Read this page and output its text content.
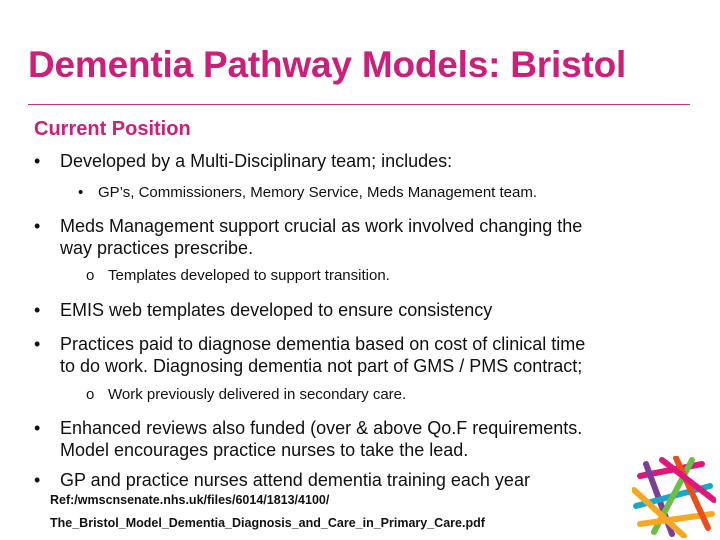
Dementia Pathway Models: Bristol
Current Position
• Developed by a Multi-Disciplinary team; includes:
• GP’s, Commissioners, Memory Service, Meds Management team.
• Meds Management support crucial as work involved changing the
way practices prescribe.
o Templates developed to support transition.
• EMIS web templates developed to ensure consistency
• Practices paid to diagnose dementia based on cost of clinical time
to do work. Diagnosing dementia not part of GMS / PMS contract;
o Work previously delivered in secondary care.
• Enhanced reviews also funded (over & above Qo.F requirements.
Model encourages practice nurses to take the lead.
• GP and practice nurses attend dementia training each year
Ref:/wmscnsenate.nhs.uk/files/6014/1813/4100/
The_Bristol_Model_Dementia_Diagnosis_and_Care_in_Primary_Care.pdf
